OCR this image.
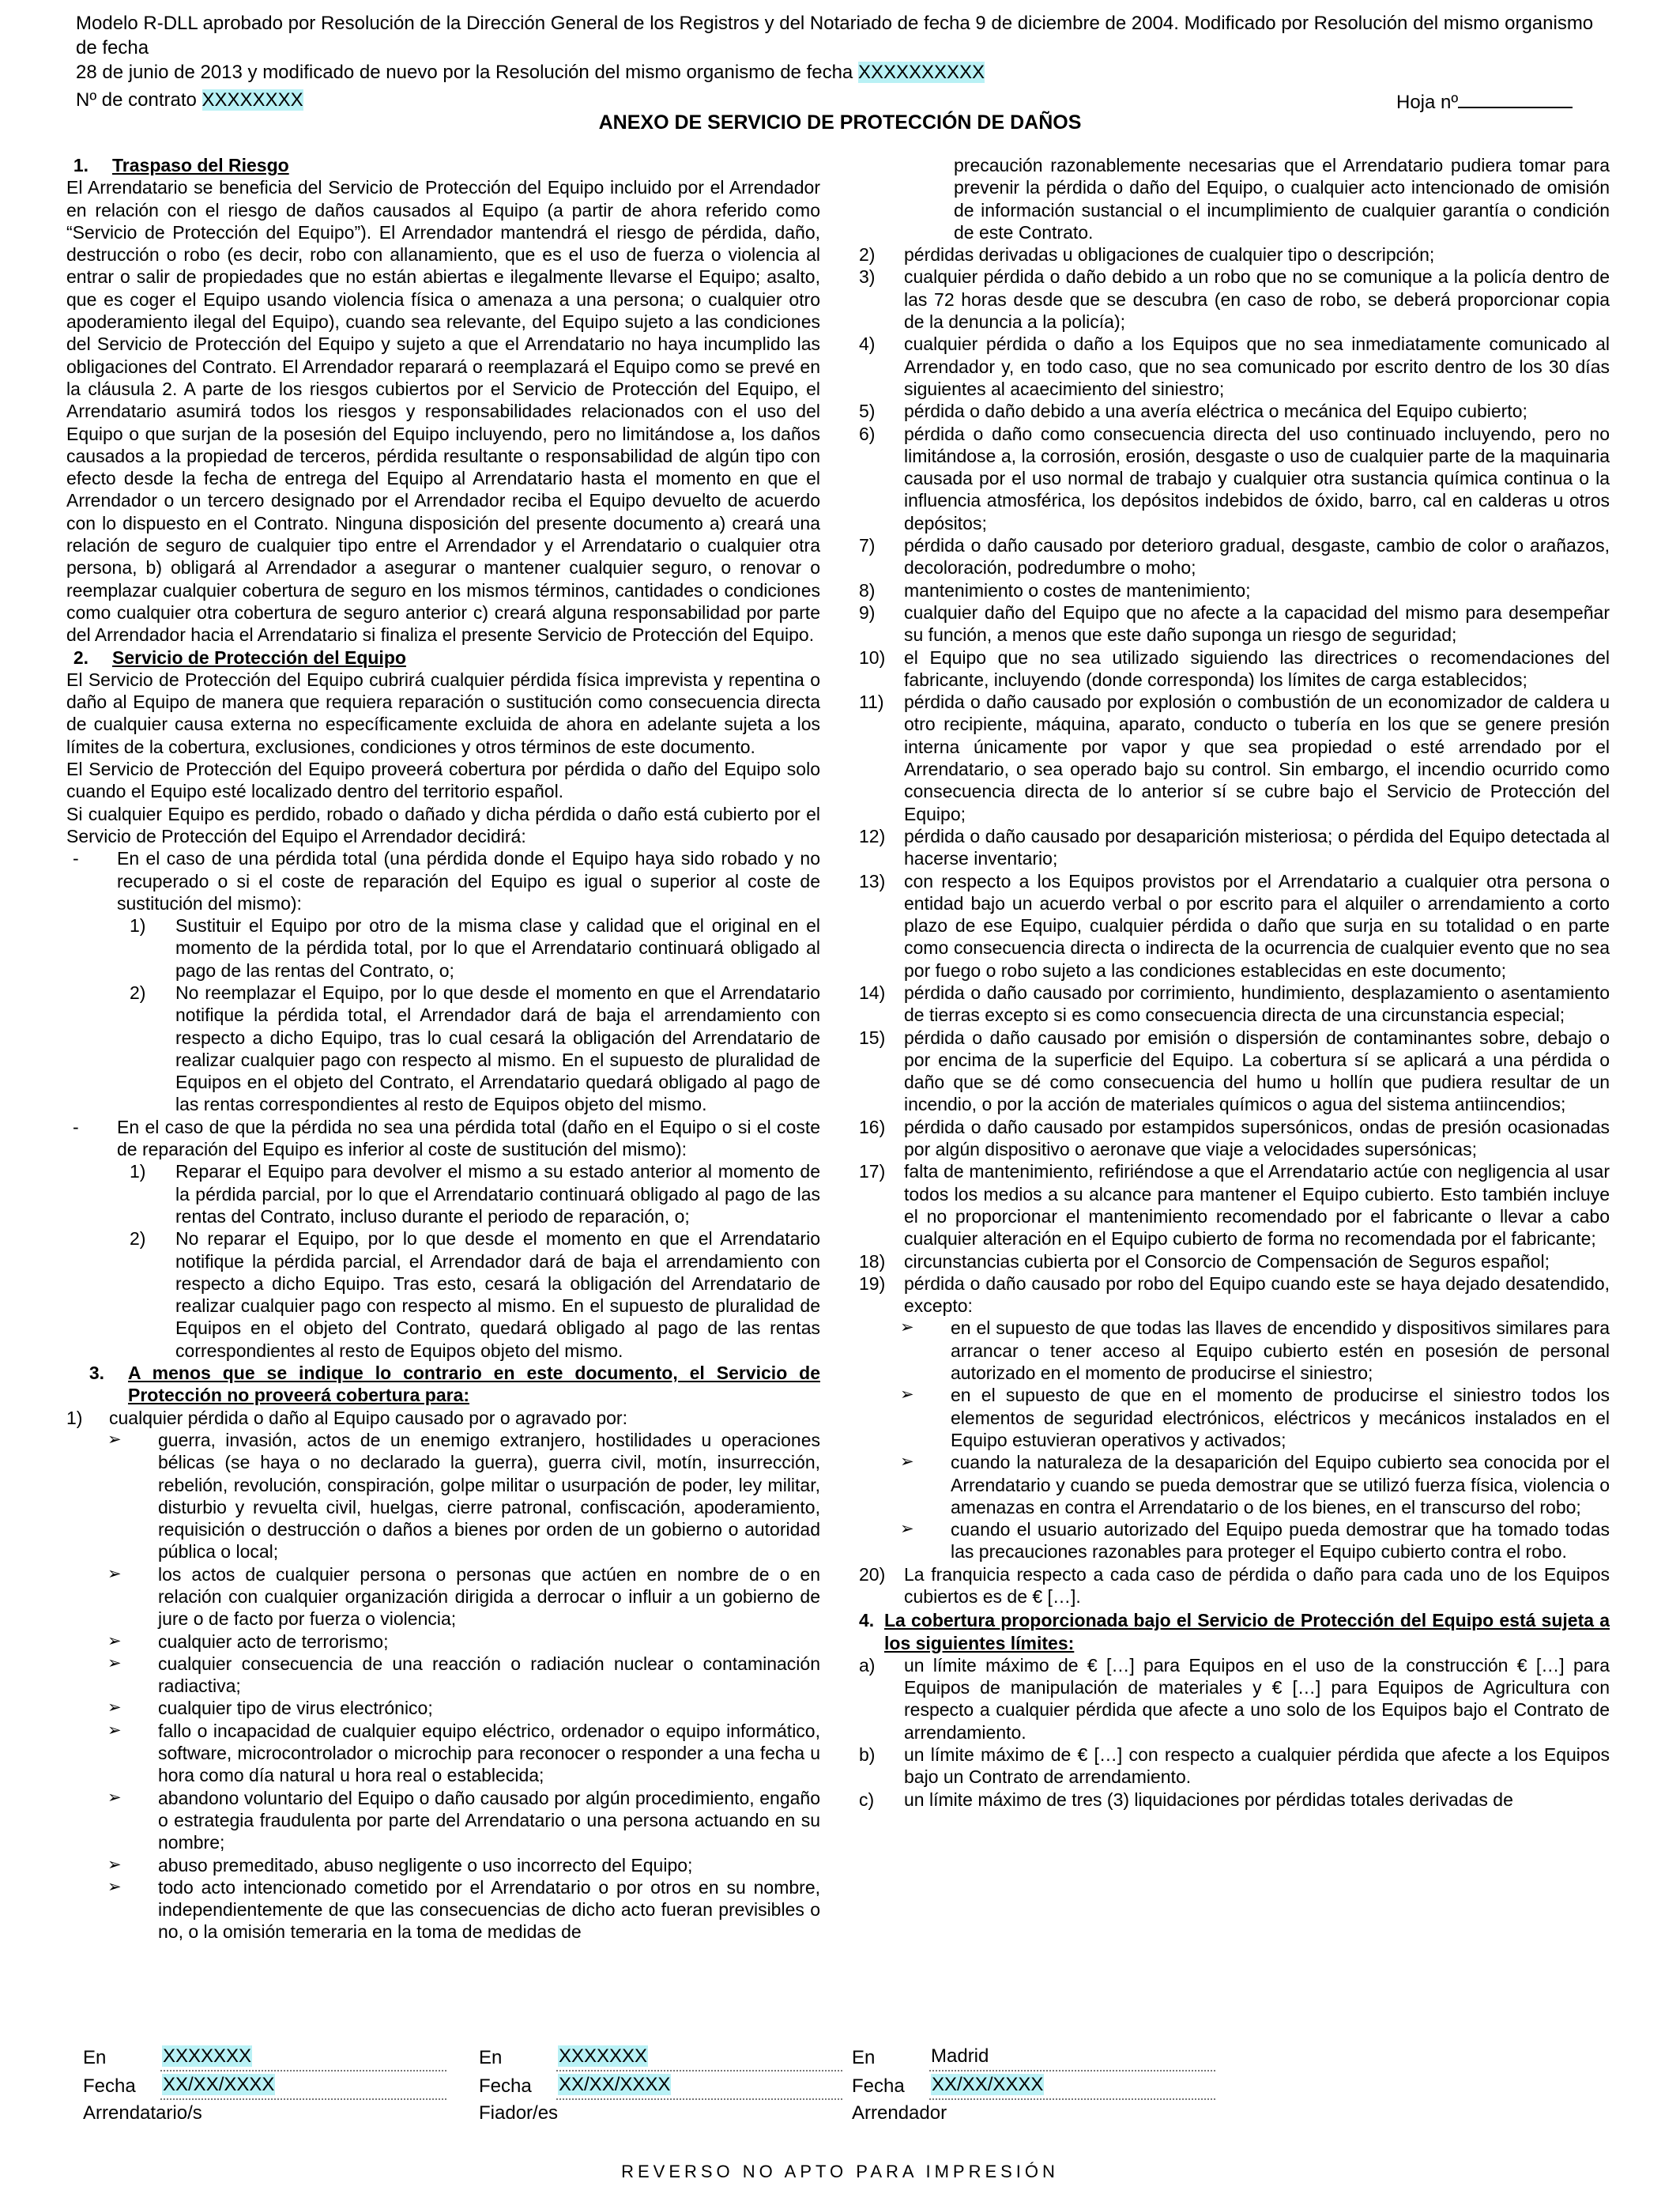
Modelo R-DLL aprobado por Resolución de la Dirección General de los Registros y del Notariado de fecha 9 de diciembre de 2004. Modificado por Resolución del mismo organismo de fecha
28 de junio de 2013 y modificado de nuevo por la Resolución del mismo organismo de fecha XXXXXXXXXX
Nº de contrato XXXXXXXX	Hoja nº
ANEXO DE SERVICIO DE PROTECCIÓN DE DAÑOS
1.	Traspaso del Riesgo

El Arrendatario se beneficia del Servicio de Protección del Equipo incluido por el Arrendador en relación con el riesgo de daños causados al Equipo (a partir de ahora referido como “Servicio de Protección del Equipo”). El Arrendador mantendrá el riesgo de pérdida, daño, destrucción o robo (es decir, robo con allanamiento, que es el uso de fuerza o violencia al entrar o salir de propiedades que no están abiertas e ilegalmente llevarse el Equipo; asalto, que es coger el Equipo usando violencia física o amenaza a una persona; o cualquier otro apoderamiento ilegal del Equipo), cuando sea relevante, del Equipo sujeto a las condiciones del Servicio de Protección del Equipo y sujeto a que el Arrendatario no haya incumplido las obligaciones del Contrato. El Arrendador reparará o reemplazará el Equipo como se prevé en la cláusula 2. A parte de los riesgos cubiertos por el Servicio de Protección del Equipo, el Arrendatario asumirá todos los riesgos y responsabilidades relacionados con el uso del Equipo o que surjan de la posesión del Equipo incluyendo, pero no limitándose a, los daños causados a la propiedad de terceros, pérdida resultante o responsabilidad de algún tipo con efecto desde la fecha de entrega del Equipo al Arrendatario hasta el momento en que el Arrendador o un tercero designado por el Arrendador reciba el Equipo devuelto de acuerdo con lo dispuesto en el Contrato. Ninguna disposición del presente documento a) creará una relación de seguro de cualquier tipo entre el Arrendador y el Arrendatario o cualquier otra persona, b) obligará al Arrendador a asegurar o mantener cualquier seguro, o renovar o reemplazar cualquier cobertura de seguro en los mismos términos, cantidades o condiciones como cualquier otra cobertura de seguro anterior c) creará alguna responsabilidad por parte del Arrendador hacia el Arrendatario si finaliza el presente Servicio de Protección del Equipo.

2.	Servicio de Protección del Equipo

El Servicio de Protección del Equipo cubrirá cualquier pérdida física imprevista y repentina o daño al Equipo de manera que requiera reparación o sustitución como consecuencia directa de cualquier causa externa no específicamente excluida de ahora en adelante sujeta a los límites de la cobertura, exclusiones, condiciones y otros términos de este documento.

El Servicio de Protección del Equipo proveerá cobertura por pérdida o daño del Equipo solo cuando el Equipo esté localizado dentro del territorio español.

Si cualquier Equipo es perdido, robado o dañado y dicha pérdida o daño está cubierto por el Servicio de Protección del Equipo el Arrendador decidirá:

-	En el caso de una pérdida total (una pérdida donde el Equipo haya sido robado y no recuperado o si el coste de reparación del Equipo es igual o superior al coste de sustitución del mismo):
1)	Sustituir el Equipo por otro de la misma clase y calidad que el original en el momento de la pérdida total, por lo que el Arrendatario continuará obligado al pago de las rentas del Contrato, o;
2)	No reemplazar el Equipo, por lo que desde el momento en que el Arrendatario notifique la pérdida total, el Arrendador dará de baja el arrendamiento con respecto a dicho Equipo, tras lo cual cesará la obligación del Arrendatario de realizar cualquier pago con respecto al mismo. En el supuesto de pluralidad de Equipos en el objeto del Contrato, el Arrendatario quedará obligado al pago de las rentas correspondientes al resto de Equipos objeto del mismo.
-	En el caso de que la pérdida no sea una pérdida total (daño en el Equipo o si el coste de reparación del Equipo es inferior al coste de sustitución del mismo):
1)	Reparar el Equipo para devolver el mismo a su estado anterior al momento de la pérdida parcial, por lo que el Arrendatario continuará obligado al pago de las rentas del Contrato, incluso durante el periodo de reparación, o;
2)	No reparar el Equipo, por lo que desde el momento en que el Arrendatario notifique la pérdida parcial, el Arrendador dará de baja el arrendamiento con respecto a dicho Equipo. Tras esto, cesará la obligación del Arrendatario de realizar cualquier pago con respecto al mismo. En el supuesto de pluralidad de Equipos en el objeto del Contrato, quedará obligado al pago de las rentas correspondientes al resto de Equipos objeto del mismo.
3.	A menos que se indique lo contrario en este documento, el Servicio de Protección no proveerá cobertura para:
1)	cualquier pérdida o daño al Equipo causado por o agravado por:
➢	guerra, invasión, actos de un enemigo extranjero, hostilidades u operaciones bélicas (se haya o no declarado la guerra), guerra civil, motín, insurrección, rebelión, revolución, conspiración, golpe militar o usurpación de poder, ley militar, disturbio y revuelta civil, huelgas, cierre patronal, confiscación, apoderamiento, requisición o destrucción o daños a bienes por orden de un gobierno o autoridad pública o local;
➢	los actos de cualquier persona o personas que actúen en nombre de o en relación con cualquier organización dirigida a derrocar o influir a un gobierno de jure o de facto por fuerza o violencia;
➢	cualquier acto de terrorismo;
➢	cualquier consecuencia de una reacción o radiación nuclear o contaminación radiactiva;
➢	cualquier tipo de virus electrónico;
➢	fallo o incapacidad de cualquier equipo eléctrico, ordenador o equipo informático, software, microcontrolador o microchip para reconocer o responder a una fecha u hora como día natural u hora real o establecida;
➢	abandono voluntario del Equipo o daño causado por algún procedimiento, engaño o estrategia fraudulenta por parte del Arrendatario o una persona actuando en su nombre;
➢	abuso premeditado, abuso negligente o uso incorrecto del Equipo;
➢	todo acto intencionado cometido por el Arrendatario o por otros en su nombre, independientemente de que las consecuencias de dicho acto fueran previsibles o no, o la omisión temeraria en la toma de medidas de

precaución razonablemente necesarias que el Arrendatario pudiera tomar para prevenir la pérdida o daño del Equipo, o cualquier acto intencionado de omisión de información sustancial o el incumplimiento de cualquier garantía o condición de este Contrato.

2)	pérdidas derivadas u obligaciones de cualquier tipo o descripción;
3)	cualquier pérdida o daño debido a un robo que no se comunique a la policía dentro de las 72 horas desde que se descubra (en caso de robo, se deberá proporcionar copia de la denuncia a la policía);
4)	cualquier pérdida o daño a los Equipos que no sea inmediatamente comunicado al Arrendador y, en todo caso, que no sea comunicado por escrito dentro de los 30 días siguientes al acaecimiento del siniestro;
5)	pérdida o daño debido a una avería eléctrica o mecánica del Equipo cubierto;
6)	pérdida o daño como consecuencia directa del uso continuado incluyendo, pero no limitándose a, la corrosión, erosión, desgaste o uso de cualquier parte de la maquinaria causada por el uso normal de trabajo y cualquier otra sustancia química continua o la influencia atmosférica, los depósitos indebidos de óxido, barro, cal en calderas u otros depósitos;
7)	pérdida o daño causado por deterioro gradual, desgaste, cambio de color o arañazos, decoloración, podredumbre o moho;
8)	mantenimiento o costes de mantenimiento;
9)	cualquier daño del Equipo que no afecte a la capacidad del mismo para desempeñar su función, a menos que este daño suponga un riesgo de seguridad;
10)	el Equipo que no sea utilizado siguiendo las directrices o recomendaciones del fabricante, incluyendo (donde corresponda) los límites de carga establecidos;
11)	pérdida o daño causado por explosión o combustión de un economizador de caldera u otro recipiente, máquina, aparato, conducto o tubería en los que se genere presión interna únicamente por vapor y que sea propiedad o esté arrendado por el Arrendatario, o sea operado bajo su control. Sin embargo, el incendio ocurrido como consecuencia directa de lo anterior sí se cubre bajo el Servicio de Protección del Equipo;
12)	pérdida o daño causado por desaparición misteriosa; o pérdida del Equipo detectada al hacerse inventario;
13)	con respecto a los Equipos provistos por el Arrendatario a cualquier otra persona o entidad bajo un acuerdo verbal o por escrito para el alquiler o arrendamiento a corto plazo de ese Equipo, cualquier pérdida o daño que surja en su totalidad o en parte como consecuencia directa o indirecta de la ocurrencia de cualquier evento que no sea por fuego o robo sujeto a las condiciones establecidas en este documento;
14)	pérdida o daño causado por corrimiento, hundimiento, desplazamiento o asentamiento de tierras excepto si es como consecuencia directa de una circunstancia especial;
15)	pérdida o daño causado por emisión o dispersión de contaminantes sobre, debajo o por encima de la superficie del Equipo. La cobertura sí se aplicará a una pérdida o daño que se dé como consecuencia del humo u hollín que pudiera resultar de un incendio, o por la acción de materiales químicos o agua del sistema antiincendios;
16)	pérdida o daño causado por estampidos supersónicos, ondas de presión ocasionadas por algún dispositivo o aeronave que viaje a velocidades supersónicas;
17)	falta de mantenimiento, refiriéndose a que el Arrendatario actúe con negligencia al usar todos los medios a su alcance para mantener el Equipo cubierto. Esto también incluye el no proporcionar el mantenimiento recomendado por el fabricante o llevar a cabo cualquier alteración en el Equipo cubierto de forma no recomendada por el fabricante;
18)	circunstancias cubierta por el Consorcio de Compensación de Seguros español;
19)	pérdida o daño causado por robo del Equipo cuando este se haya dejado desatendido, excepto:
➢	en el supuesto de que todas las llaves de encendido y dispositivos similares para arrancar o tener acceso al Equipo cubierto estén en posesión de personal autorizado en el momento de producirse el siniestro;
➢	en el supuesto de que en el momento de producirse el siniestro todos los elementos de seguridad electrónicos, eléctricos y mecánicos instalados en el Equipo estuvieran operativos y activados;
➢	cuando la naturaleza de la desaparición del Equipo cubierto sea conocida por el Arrendatario y cuando se pueda demostrar que se utilizó fuerza física, violencia o amenazas en contra el Arrendatario o de los bienes, en el transcurso del robo;
➢	cuando el usuario autorizado del Equipo pueda demostrar que ha tomado todas las precauciones razonables para proteger el Equipo cubierto contra el robo.
20)	La franquicia respecto a cada caso de pérdida o daño para cada uno de los Equipos cubiertos es de € […].
4. La cobertura proporcionada bajo el Servicio de Protección del Equipo está sujeta a los siguientes límites:
a)	un límite máximo de € […] para Equipos en el uso de la construcción € […] para Equipos de manipulación de materiales y € […] para Equipos de Agricultura con respecto a cualquier pérdida que afecte a uno solo de los Equipos bajo el Contrato de arrendamiento.
b)	un límite máximo de € […] con respecto a cualquier pérdida que afecte a los Equipos bajo un Contrato de arrendamiento.
c)	un límite máximo de tres (3) liquidaciones por pérdidas totales derivadas de
En	XXXXXXX
Fecha	XX/XX/XXXX
Arrendatario/s
En	XXXXXXX
Fecha	XX/XX/XXXX
Fiador/es
En	Madrid
Fecha	XX/XX/XXXX
Arrendador
REVERSO NO APTO PARA IMPRESIÓN
